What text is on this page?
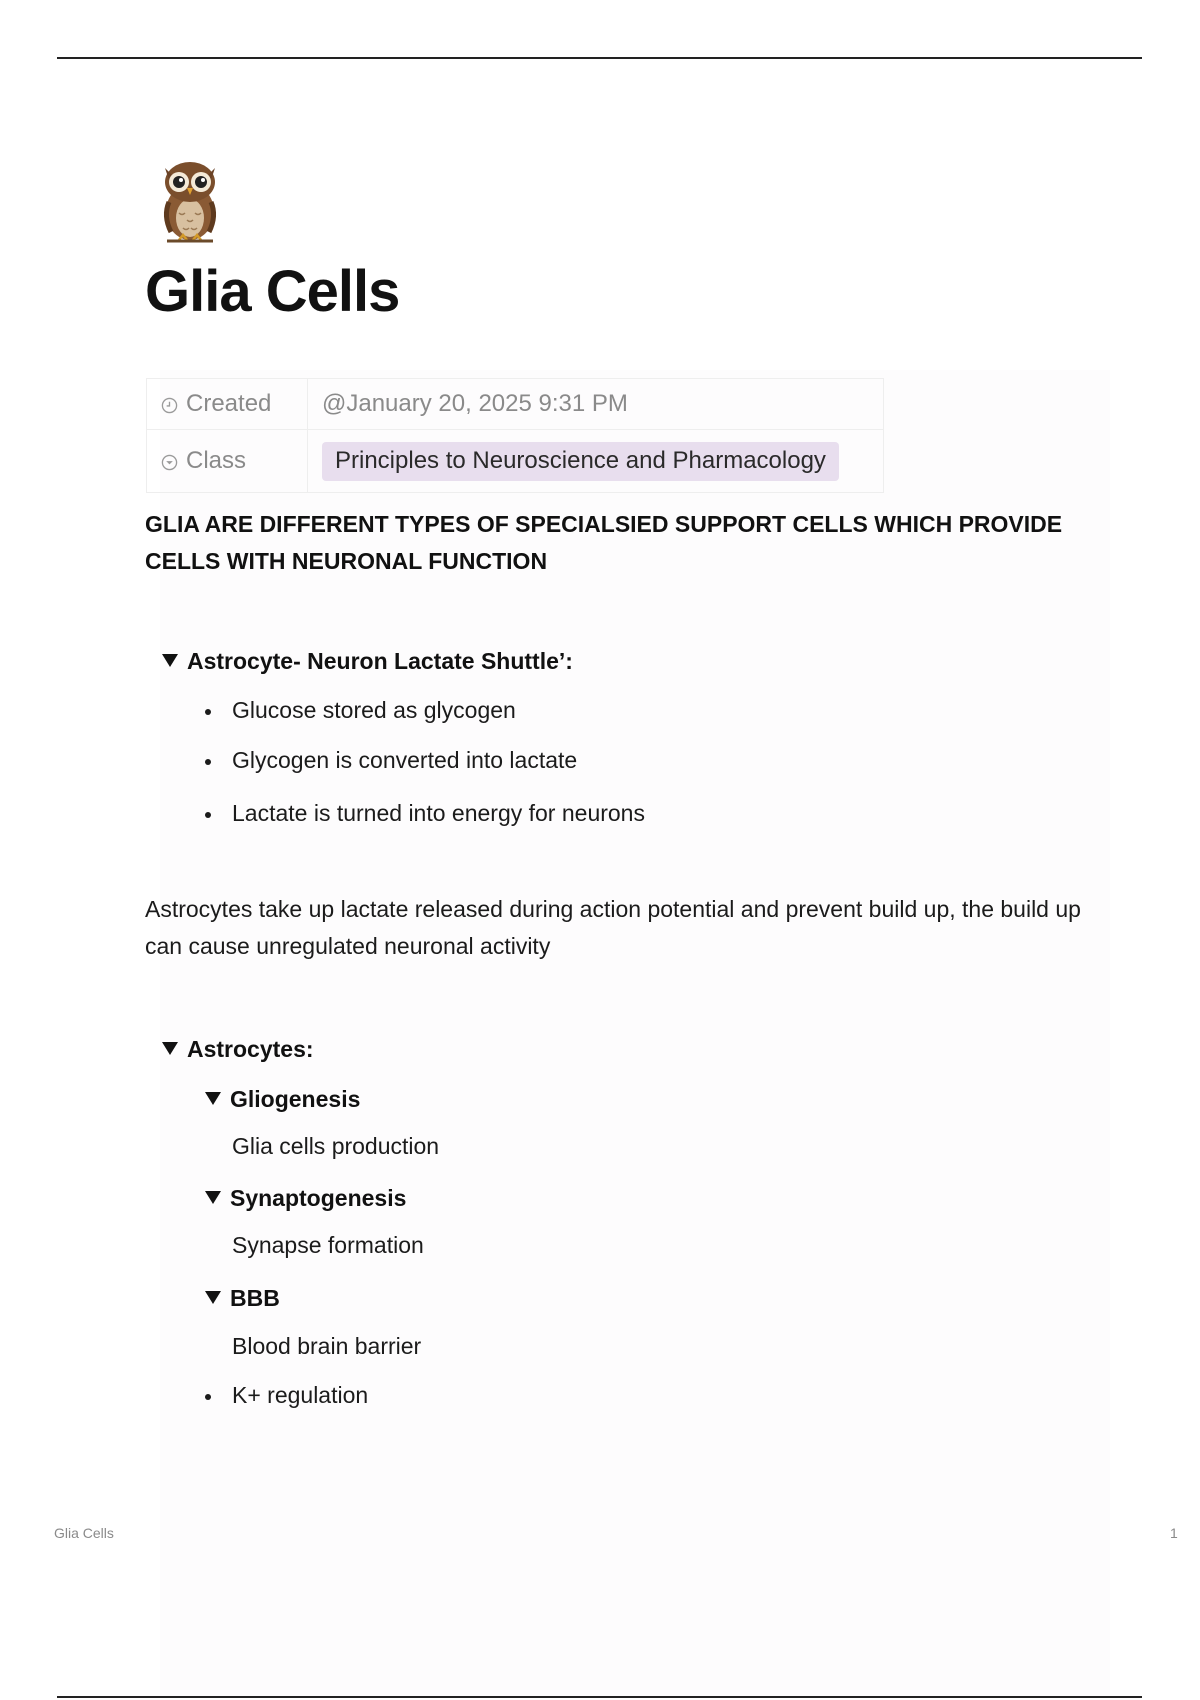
Glia Cells
Created	@January 20, 2025 9:31 PM
Class	Principles to Neuroscience and Pharmacology

GLIA ARE DIFFERENT TYPES OF SPECIALSIED SUPPORT CELLS WHICH PROVIDE CELLS WITH NEURONAL FUNCTION

Astrocyte- Neuron Lactate Shuttle’:
Glucose stored as glycogen
Glycogen is converted into lactate
Lactate is turned into energy for neurons

Astrocytes take up lactate released during action potential and prevent build up, the build up can cause unregulated neuronal activity

Astrocytes:
Gliogenesis
Glia cells production
Synaptogenesis
Synapse formation
BBB
Blood brain barrier
K+ regulation
Glia Cells	1
